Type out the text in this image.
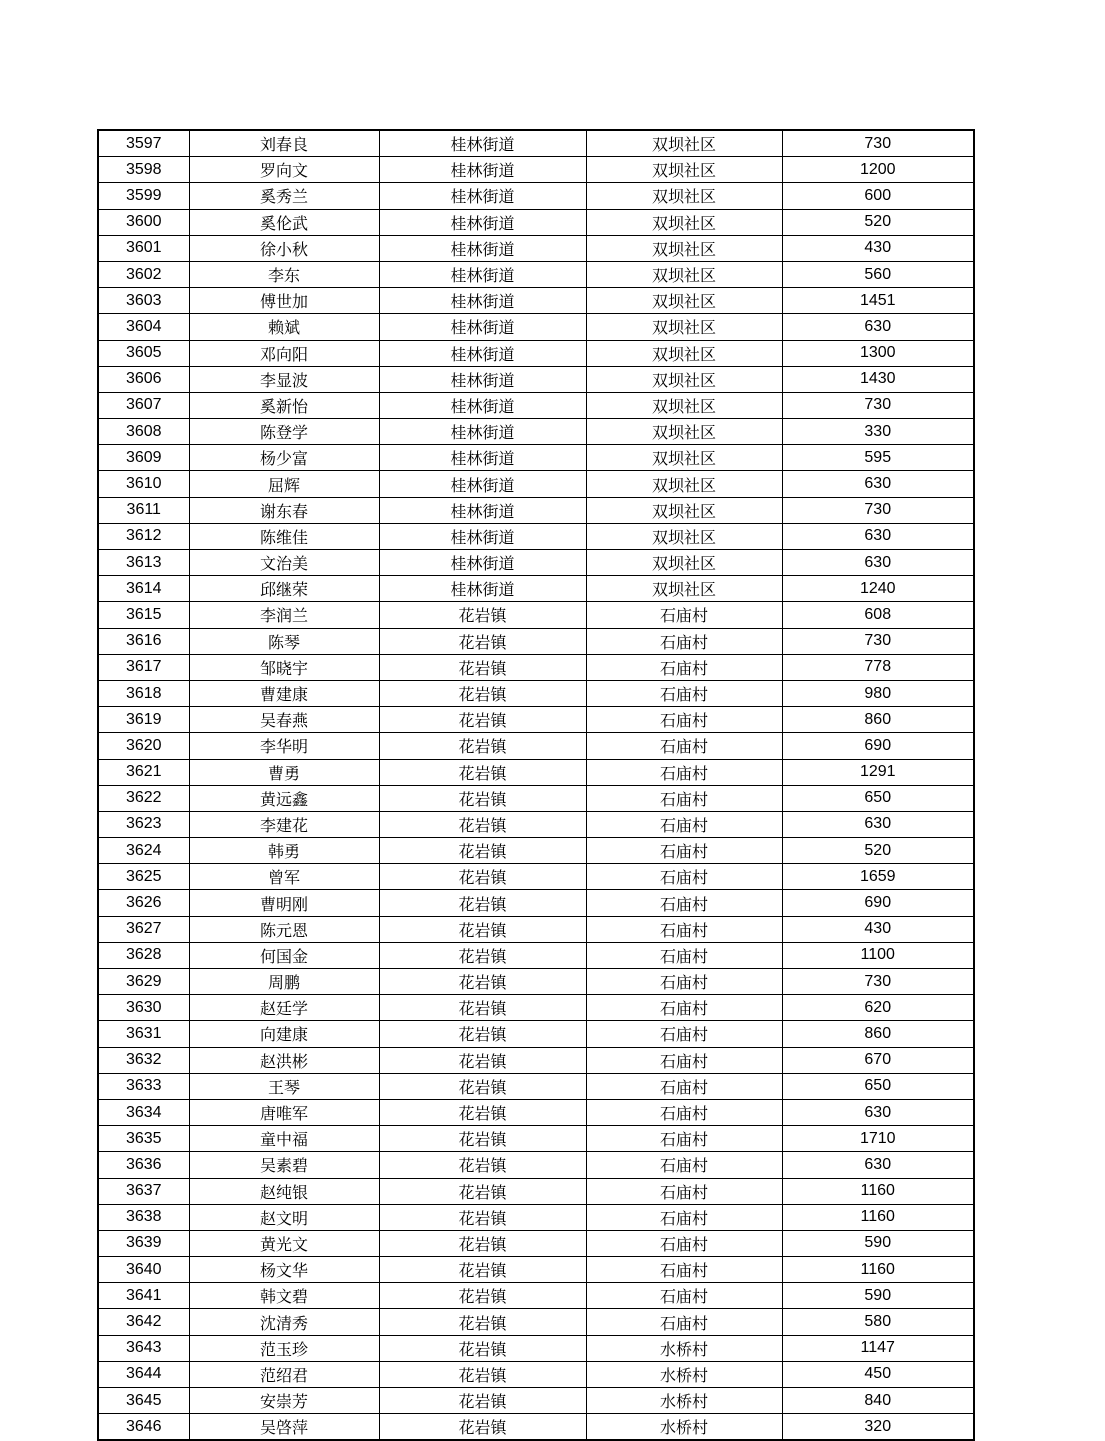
3597	刘春良	桂林街道	双坝社区	730
3598	罗向文	桂林街道	双坝社区	1200
3599	奚秀兰	桂林街道	双坝社区	600
3600	奚伦武	桂林街道	双坝社区	520
3601	徐小秋	桂林街道	双坝社区	430
3602	李东	桂林街道	双坝社区	560
3603	傅世加	桂林街道	双坝社区	1451
3604	赖斌	桂林街道	双坝社区	630
3605	邓向阳	桂林街道	双坝社区	1300
3606	李显波	桂林街道	双坝社区	1430
3607	奚新怡	桂林街道	双坝社区	730
3608	陈登学	桂林街道	双坝社区	330
3609	杨少富	桂林街道	双坝社区	595
3610	屈辉	桂林街道	双坝社区	630
3611	谢东春	桂林街道	双坝社区	730
3612	陈维佳	桂林街道	双坝社区	630
3613	文治美	桂林街道	双坝社区	630
3614	邱继荣	桂林街道	双坝社区	1240
3615	李润兰	花岩镇	石庙村	608
3616	陈琴	花岩镇	石庙村	730
3617	邹晓宇	花岩镇	石庙村	778
3618	曹建康	花岩镇	石庙村	980
3619	吴春燕	花岩镇	石庙村	860
3620	李华明	花岩镇	石庙村	690
3621	曹勇	花岩镇	石庙村	1291
3622	黄远鑫	花岩镇	石庙村	650
3623	李建花	花岩镇	石庙村	630
3624	韩勇	花岩镇	石庙村	520
3625	曾军	花岩镇	石庙村	1659
3626	曹明刚	花岩镇	石庙村	690
3627	陈元恩	花岩镇	石庙村	430
3628	何国金	花岩镇	石庙村	1100
3629	周鹏	花岩镇	石庙村	730
3630	赵廷学	花岩镇	石庙村	620
3631	向建康	花岩镇	石庙村	860
3632	赵洪彬	花岩镇	石庙村	670
3633	王琴	花岩镇	石庙村	650
3634	唐唯军	花岩镇	石庙村	630
3635	童中福	花岩镇	石庙村	1710
3636	吴素碧	花岩镇	石庙村	630
3637	赵纯银	花岩镇	石庙村	1160
3638	赵文明	花岩镇	石庙村	1160
3639	黄光文	花岩镇	石庙村	590
3640	杨文华	花岩镇	石庙村	1160
3641	韩文碧	花岩镇	石庙村	590
3642	沈清秀	花岩镇	石庙村	580
3643	范玉珍	花岩镇	水桥村	1147
3644	范绍君	花岩镇	水桥村	450
3645	安崇芳	花岩镇	水桥村	840
3646	吴啓萍	花岩镇	水桥村	320
